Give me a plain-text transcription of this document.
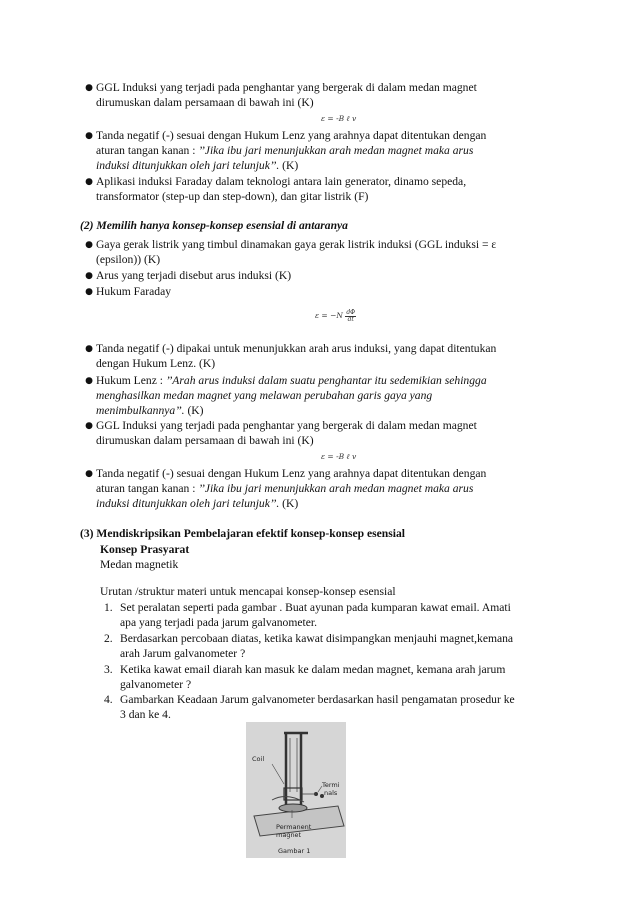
● GGL Induksi yang terjadi pada penghantar yang bergerak di dalam medan magnet
dirumuskan dalam persamaan di bawah ini (K)
ε = -B ℓ v
● Tanda negatif (-) sesuai dengan Hukum Lenz yang arahnya dapat ditentukan dengan
aturan tangan kanan : ’’Jika ibu jari menunjukkan arah medan magnet maka arus
induksi ditunjukkan oleh jari telunjuk’’. (K)
● Aplikasi induksi Faraday dalam teknologi antara lain generator, dinamo sepeda,
transformator (step-up dan step-down), dan gitar listrik (F)
(2) Memilih hanya konsep-konsep esensial di antaranya
● Gaya gerak listrik yang timbul dinamakan gaya gerak listrik induksi (GGL induksi = ε
(epsilon)) (K)
● Arus yang terjadi disebut arus induksi (K)
● Hukum Faraday
$\varepsilon = -N \frac{d\Phi}{dt}$
● Tanda negatif (-) dipakai untuk menunjukkan arah arus induksi, yang dapat ditentukan
dengan Hukum Lenz. (K)
● Hukum Lenz : ’’Arah arus induksi dalam suatu penghantar itu sedemikian sehingga
menghasilkan medan magnet yang melawan perubahan garis gaya yang
menimbulkannya’’. (K)
● GGL Induksi yang terjadi pada penghantar yang bergerak di dalam medan magnet
dirumuskan dalam persamaan di bawah ini (K)
ε = -B ℓ v
● Tanda negatif (-) sesuai dengan Hukum Lenz yang arahnya dapat ditentukan dengan
aturan tangan kanan : ’’Jika ibu jari menunjukkan arah medan magnet maka arus
induksi ditunjukkan oleh jari telunjuk’’. (K)
(3) Mendiskripsikan Pembelajaran efektif konsep-konsep esensial
Konsep Prasyarat
Medan magnetik
Urutan /struktur materi untuk mencapai konsep-konsep esensial
1. Set peralatan seperti pada gambar . Buat ayunan pada kumparan kawat email. Amati
apa yang terjadi pada jarum galvanometer.
2. Berdasarkan percobaan diatas, ketika kawat disimpangkan menjauhi magnet,kemana
arah Jarum galvanometer ?
3. Ketika kawat email diarah kan masuk ke dalam medan magnet, kemana arah jarum
galvanometer ?
4. Gambarkan Keadaan Jarum galvanometer berdasarkan hasil pengamatan prosedur ke
3 dan ke 4.
Coil
Termi
nals
Permanent
magnet
Gambar 1
